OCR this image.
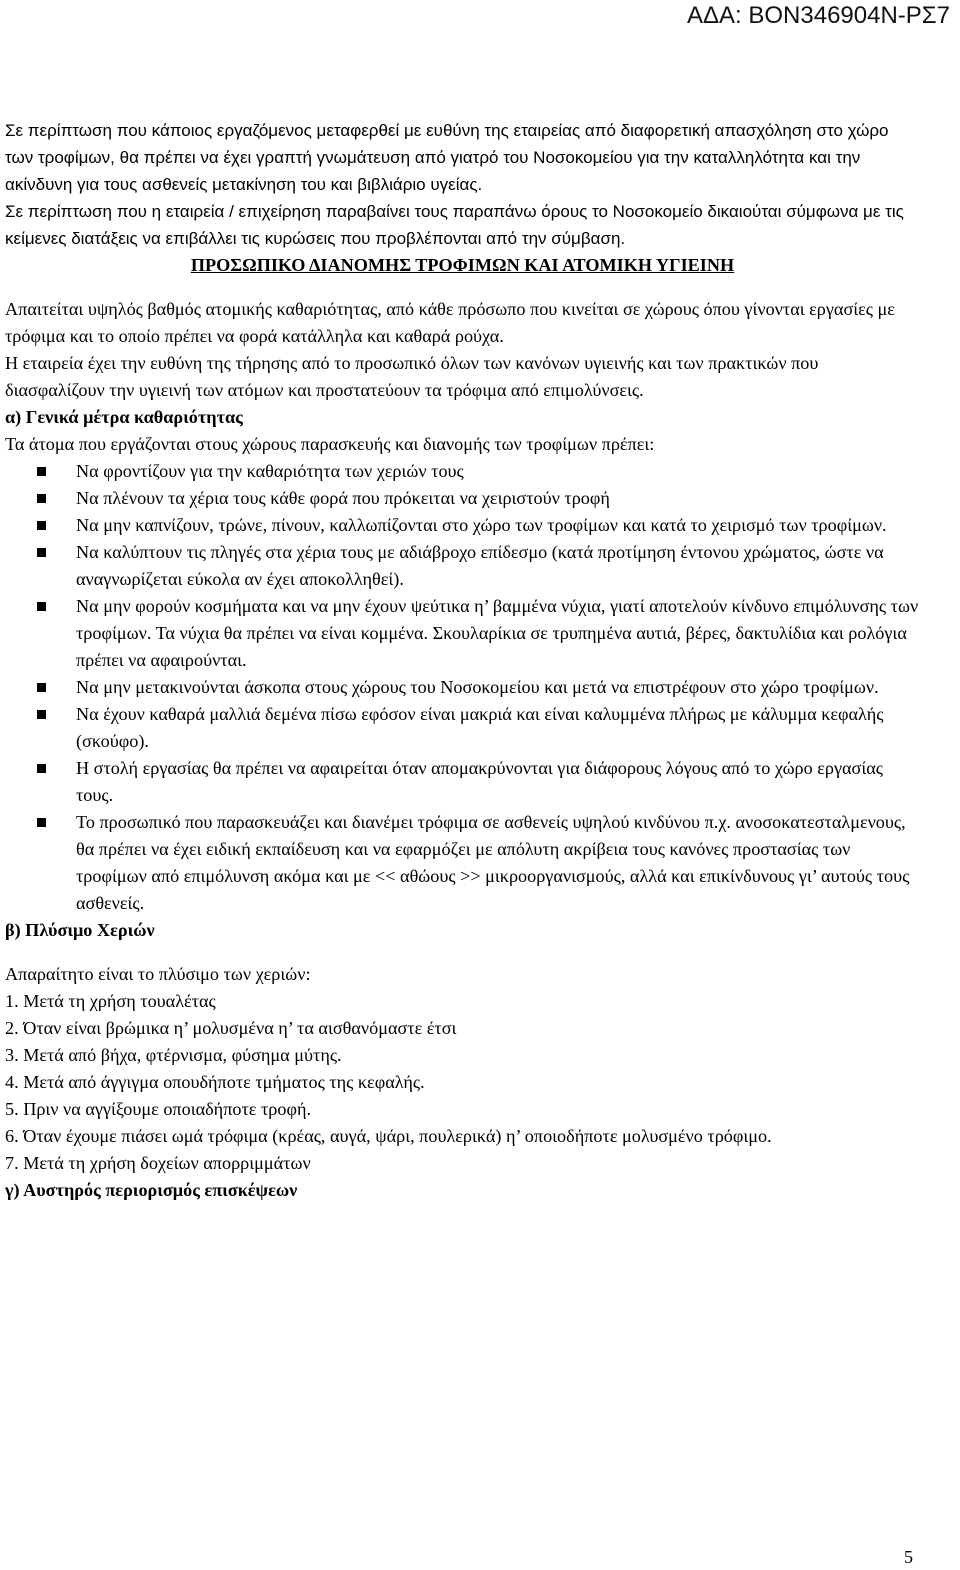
ΑΔΑ: ΒΟΝ346904Ν-ΡΣ7

Σε περίπτωση που κάποιος εργαζόμενος μεταφερθεί με ευθύνη της εταιρείας από διαφορετική απασχόληση στο χώρο των τροφίμων, θα πρέπει να έχει γραπτή γνωμάτευση από γιατρό του Νοσοκομείου για την καταλληλότητα και την ακίνδυνη για τους ασθενείς μετακίνηση του και βιβλιάριο υγείας.

Σε περίπτωση που η εταιρεία / επιχείρηση παραβαίνει τους παραπάνω όρους το Νοσοκομείο δικαιούται σύμφωνα με τις κείμενες διατάξεις να επιβάλλει τις κυρώσεις που προβλέπονται από την σύμβαση.

ΠΡΟΣΩΠΙΚΟ ΔΙΑΝΟΜΗΣ ΤΡΟΦΙΜΩΝ ΚΑΙ ΑΤΟΜΙΚΗ ΥΓΙΕΙΝΗ

Απαιτείται υψηλός βαθμός ατομικής καθαριότητας, από κάθε πρόσωπο που κινείται σε χώρους όπου γίνονται εργασίες με τρόφιμα και το οποίο πρέπει να φορά κατάλληλα και καθαρά ρούχα.

Η εταιρεία έχει την ευθύνη της τήρησης από το προσωπικό όλων των κανόνων υγιεινής και των πρακτικών που διασφαλίζουν την υγιεινή των ατόμων και προστατεύουν τα τρόφιμα από επιμολύνσεις.

α) Γενικά μέτρα καθαριότητας

Τα άτομα που εργάζονται στους χώρους παρασκευής και διανομής των τροφίμων πρέπει:

Να φροντίζουν για την καθαριότητα των χεριών τους
Να πλένουν τα χέρια τους κάθε φορά που πρόκειται να χειριστούν τροφή
Να μην καπνίζουν, τρώνε, πίνουν, καλλωπίζονται στο χώρο των τροφίμων και κατά το χειρισμό των τροφίμων.
Να καλύπτουν τις πληγές στα χέρια τους με αδιάβροχο επίδεσμο (κατά προτίμηση έντονου χρώματος, ώστε να αναγνωρίζεται εύκολα αν έχει αποκολληθεί).
Να μην φορούν κοσμήματα και να μην έχουν ψεύτικα η’ βαμμένα νύχια, γιατί αποτελούν κίνδυνο επιμόλυνσης των τροφίμων. Τα νύχια θα πρέπει να είναι κομμένα. Σκουλαρίκια σε τρυπημένα αυτιά, βέρες, δακτυλίδια και ρολόγια πρέπει να αφαιρούνται.
Να μην μετακινούνται άσκοπα στους χώρους του Νοσοκομείου και μετά να επιστρέφουν στο χώρο τροφίμων.
Να έχουν καθαρά μαλλιά δεμένα πίσω εφόσον είναι μακριά και είναι καλυμμένα πλήρως με κάλυμμα κεφαλής (σκούφο).
Η στολή εργασίας θα πρέπει να αφαιρείται όταν απομακρύνονται για διάφορους λόγους από το χώρο εργασίας τους.
Το προσωπικό που παρασκευάζει και διανέμει τρόφιμα σε ασθενείς υψηλού κινδύνου π.χ. ανοσοκατεσταλμενους, θα πρέπει να έχει ειδική εκπαίδευση και να εφαρμόζει με απόλυτη ακρίβεια τους κανόνες προστασίας των τροφίμων από επιμόλυνση ακόμα και με << αθώους >> μικροοργανισμούς, αλλά και επικίνδυνους γι’ αυτούς τους ασθενείς.

β) Πλύσιμο Χεριών

Απαραίτητο είναι το πλύσιμο των χεριών:

1. Μετά τη χρήση τουαλέτας

2. Όταν είναι βρώμικα η’ μολυσμένα η’ τα αισθανόμαστε έτσι

3. Μετά από βήχα, φτέρνισμα, φύσημα μύτης.

4. Μετά από άγγιγμα οπουδήποτε τμήματος της κεφαλής.

5. Πριν να αγγίξουμε οποιαδήποτε τροφή.

6. Όταν έχουμε πιάσει ωμά τρόφιμα (κρέας, αυγά, ψάρι, πουλερικά) η’ οποιοδήποτε μολυσμένο τρόφιμο.

7. Μετά τη χρήση δοχείων απορριμμάτων

γ) Αυστηρός περιορισμός επισκέψεων

5
